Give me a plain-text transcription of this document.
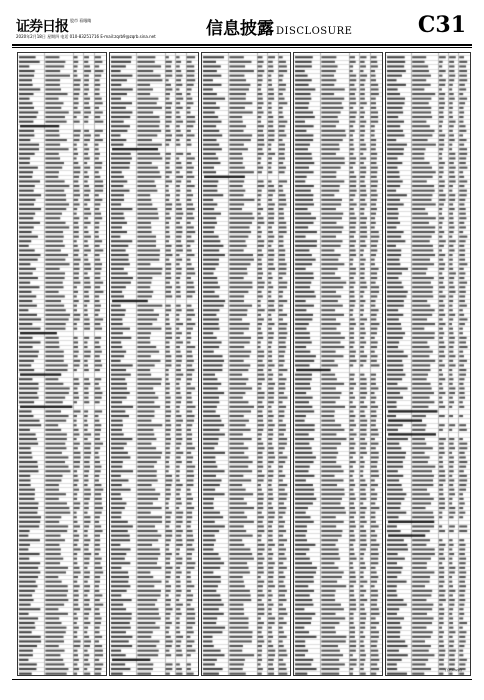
证券日报 股市 看眼睛
2020年2月18日 星期四 电话 010-83251716 E-mail:zqrb9@zqrb.sina.net	信息披露 DISCLOSURE	C31
(下转C32版)
